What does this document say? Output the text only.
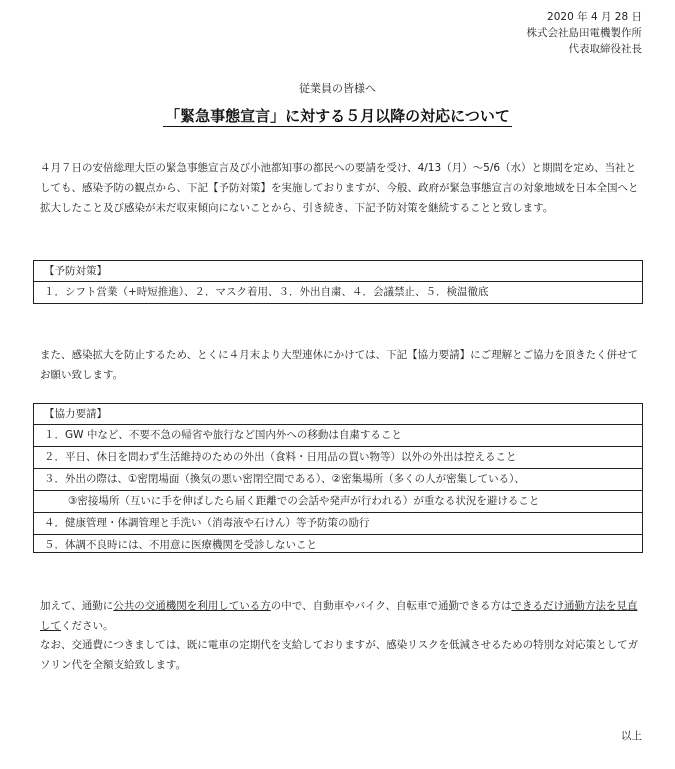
2020 年 4 月 28 日
株式会社島田電機製作所
代表取締役社長
従業員の皆様へ
「緊急事態宣言」に対する５月以降の対応について
４月７日の安倍総理大臣の緊急事態宣言及び小池都知事の都民への要請を受け、4/13（月）～5/6（水）と期間を定め、当社としても、感染予防の観点から、下記【予防対策】を実施しておりますが、今般、政府が緊急事態宣言の対象地域を日本全国へと拡大したこと及び感染が未だ収束傾向にないことから、引き続き、下記予防対策を継続することと致します。
【予防対策】
１．シフト営業（+時短推進）、２．マスク着用、３．外出自粛、４．会議禁止、５．検温徹底
また、感染拡大を防止するため、とくに４月末より大型連休にかけては、下記【協力要請】にご理解とご協力を頂きたく併せてお願い致します。
【協力要請】
１．GW 中など、不要不急の帰省や旅行など国内外への移動は自粛すること
２．平日、休日を問わず生活維持のための外出（食料・日用品の買い物等）以外の外出は控えること
３．外出の際は、①密閉場面（換気の悪い密閉空間である）、②密集場所（多くの人が密集している）、
③密接場所（互いに手を伸ばしたら届く距離での会話や発声が行われる）が重なる状況を避けること
４．健康管理・体調管理と手洗い（消毒液や石けん）等予防策の励行
５．体調不良時には、不用意に医療機関を受診しないこと
加えて、通勤に公共の交通機関を利用している方の中で、自動車やバイク、自転車で通勤できる方はできるだけ通勤方法を見直してください。
なお、交通費につきましては、既に電車の定期代を支給しておりますが、感染リスクを低減させるための特別な対応策としてガソリン代を全額支給致します。
以上
